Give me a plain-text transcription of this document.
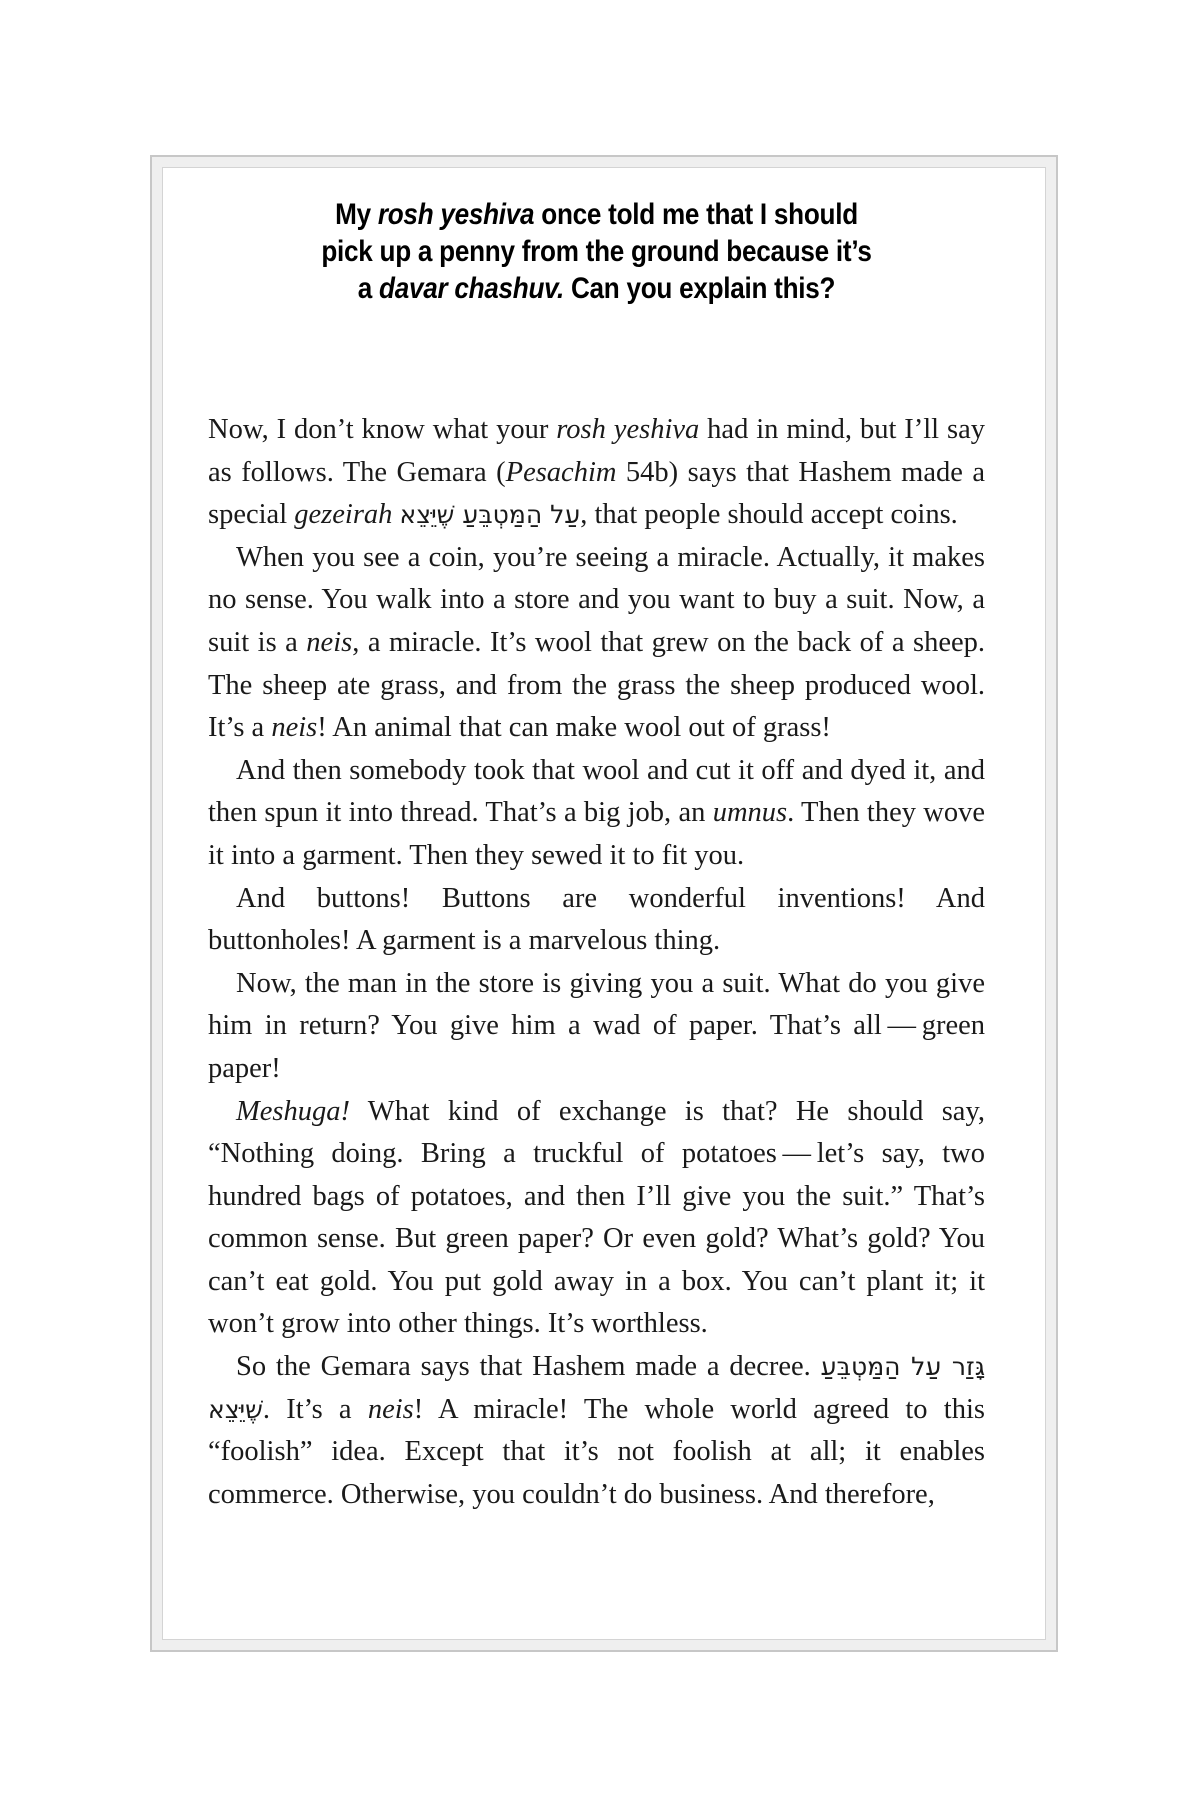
My rosh yeshiva once told me that I should
pick up a penny from the ground because it’s
a davar chashuv. Can you explain this?

Now, I don’t know what your rosh yeshiva had in mind, but I’ll say as follows. The Gemara (Pesachim 54b) says that Hashem made a special gezeirah עַל הַמַּטְבֵּעַ שֶׁיֵּצֵא, that people should accept coins.

When you see a coin, you’re seeing a miracle. Actually, it makes no sense. You walk into a store and you want to buy a suit. Now, a suit is a neis, a miracle. It’s wool that grew on the back of a sheep. The sheep ate grass, and from the grass the sheep produced wool. It’s a neis! An animal that can make wool out of grass!

And then somebody took that wool and cut it off and dyed it, and then spun it into thread. That’s a big job, an umnus. Then they wove it into a garment. Then they sewed it to fit you.

And buttons! Buttons are wonderful inventions! And buttonholes! A garment is a marvelous thing.

Now, the man in the store is giving you a suit. What do you give him in return? You give him a wad of paper. That’s all — green paper!

Meshuga! What kind of exchange is that? He should say, “Nothing doing. Bring a truckful of potatoes — let’s say, two hundred bags of potatoes, and then I’ll give you the suit.” That’s common sense. But green paper? Or even gold? What’s gold? You can’t eat gold. You put gold away in a box. You can’t plant it; it won’t grow into other things. It’s worthless.

So the Gemara says that Hashem made a decree. גָּזַר עַל הַמַּטְבֵּעַ שֶׁיֵּצֵא. It’s a neis! A miracle! The whole world agreed to this “foolish” idea. Except that it’s not foolish at all; it enables commerce. Otherwise, you couldn’t do business. And therefore,
